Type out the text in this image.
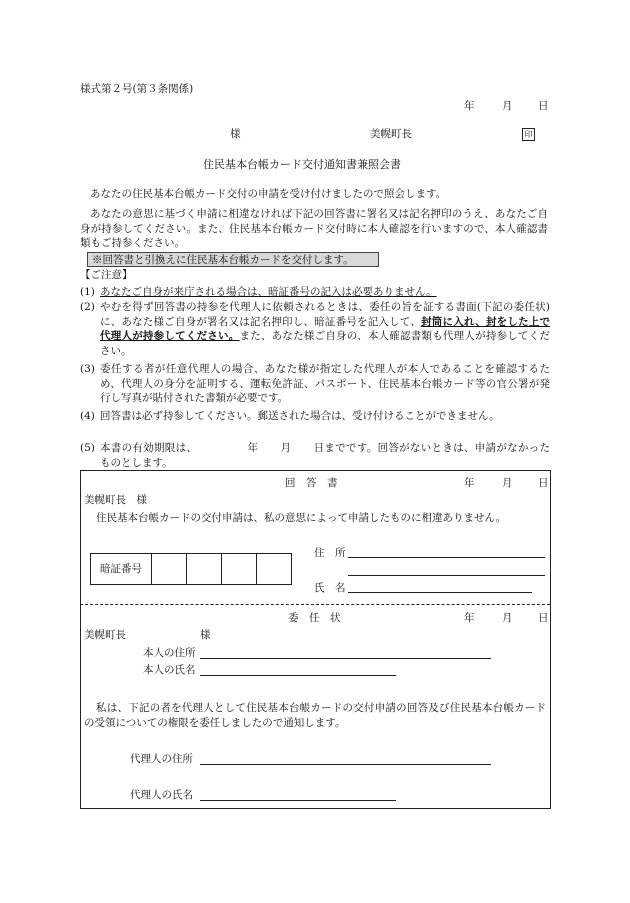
様式第２号(第３条関係)
年	月 日
様	美幌町長	印
住民基本台帳カード交付通知書兼照会書
あなたの住民基本台帳カード交付の申請を受け付けましたので照会します。
あなたの意思に基づく申請に相違なければ下記の回答書に署名又は記名押印のうえ、あなたご自身が持参してください。また、住民基本台帳カード交付時に本人確認を行いますので、本人確認書類もご持参ください。
※回答書と引換えに住民基本台帳カードを交付します。
【ご注意】
(1) あなたご自身が来庁される場合は、暗証番号の記入は必要ありません。
(2) やむを得ず回答書の持参を代理人に依頼されるときは、委任の旨を証する書面(下記の委任状)に、あなた様ご自身が署名又は記名押印し、暗証番号を記入して、封筒に入れ、封をした上で代理人が持参してください。また、あなた様ご自身の、本人確認書類も代理人が持参してください。
(3) 委任する者が任意代理人の場合、あなた様が指定した代理人が本人であることを確認するため、代理人の身分を証明する、運転免許証、パスポート、住民基本台帳カード等の官公署が発行し写真が貼付された書類が必要です。
(4) 回答書は必ず持参してください。郵送された場合は、受け付けることができません。
(5) 本書の有効期限は、	年 月 日までです。回答がないときは、申請がなかったものとします。
回　答　書	年	月 日
美幌町長　様
住民基本台帳カードの交付申請は、私の意思によって申請したものに相違ありません。
暗証番号
住　所
氏　名
委　任　状	年	月 日
美幌町長	様
本人の住所
本人の氏名
私は、下記の者を代理人として住民基本台帳カードの交付申請の回答及び住民基本台帳カードの受領についての権限を委任しましたので通知します。
代理人の住所
代理人の氏名
